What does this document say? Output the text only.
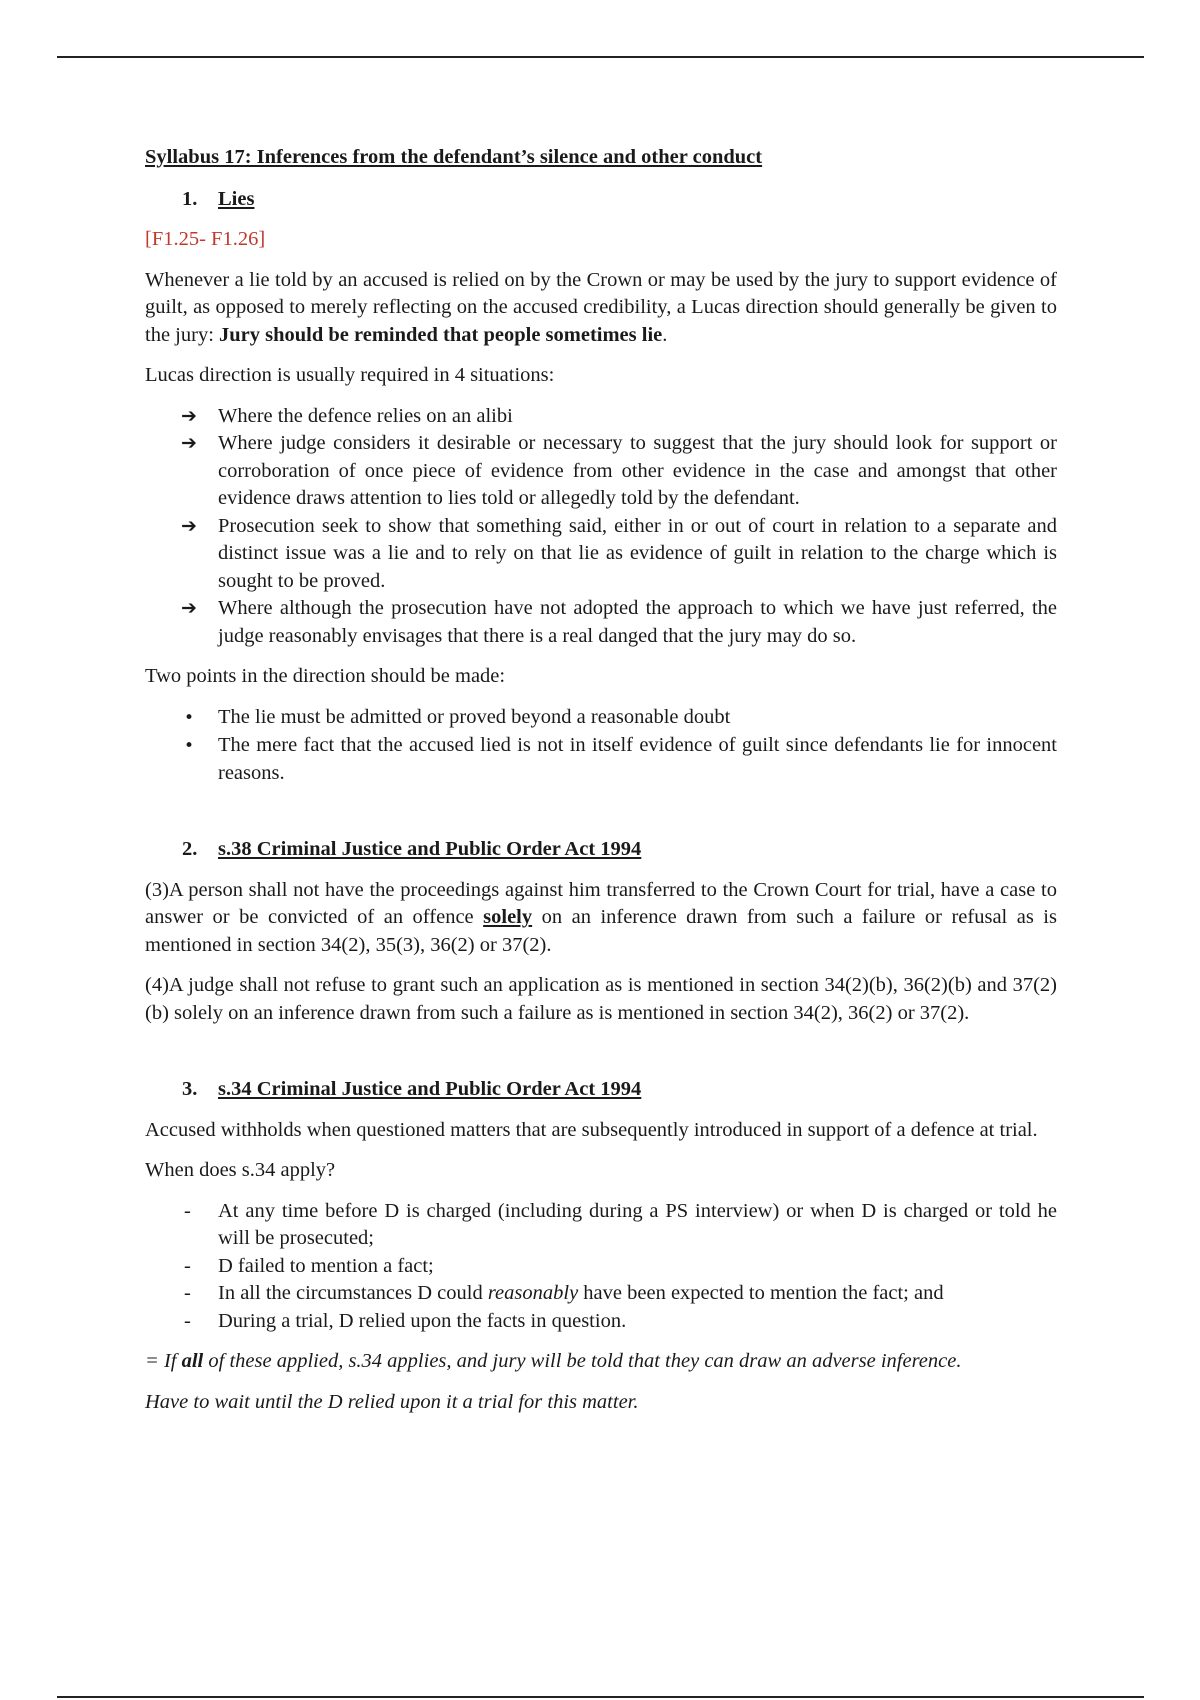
Syllabus 17: Inferences from the defendant’s silence and other conduct

1.	Lies

[F1.25- F1.26]

Whenever a lie told by an accused is relied on by the Crown or may be used by the jury to support evidence of guilt, as opposed to merely reflecting on the accused credibility, a Lucas direction should generally be given to the jury: Jury should be reminded that people sometimes lie.

Lucas direction is usually required in 4 situations:

➔	Where the defence relies on an alibi
➔	Where judge considers it desirable or necessary to suggest that the jury should look for support or corroboration of once piece of evidence from other evidence in the case and amongst that other evidence draws attention to lies told or allegedly told by the defendant.
➔	Prosecution seek to show that something said, either in or out of court in relation to a separate and distinct issue was a lie and to rely on that lie as evidence of guilt in relation to the charge which is sought to be proved.
➔	Where although the prosecution have not adopted the approach to which we have just referred, the judge reasonably envisages that there is a real danged that the jury may do so.

Two points in the direction should be made:

•	The lie must be admitted or proved beyond a reasonable doubt
•	The mere fact that the accused lied is not in itself evidence of guilt since defendants lie for innocent reasons.
2.	s.38 Criminal Justice and Public Order Act 1994

(3)A person shall not have the proceedings against him transferred to the Crown Court for trial, have a case to answer or be convicted of an offence solely on an inference drawn from such a failure or refusal as is mentioned in section 34(2), 35(3), 36(2) or 37(2).

(4)A judge shall not refuse to grant such an application as is mentioned in section 34(2)(b), 36(2)(b) and 37(2)(b) solely on an inference drawn from such a failure as is mentioned in section 34(2), 36(2) or 37(2).

3.	s.34 Criminal Justice and Public Order Act 1994

Accused withholds when questioned matters that are subsequently introduced in support of a defence at trial.

When does s.34 apply?

-	At any time before D is charged (including during a PS interview) or when D is charged or told he will be prosecuted;
-	D failed to mention a fact;
-	In all the circumstances D could reasonably have been expected to mention the fact; and
-	During a trial, D relied upon the facts in question.

= If all of these applied, s.34 applies, and jury will be told that they can draw an adverse inference.

Have to wait until the D relied upon it a trial for this matter.
